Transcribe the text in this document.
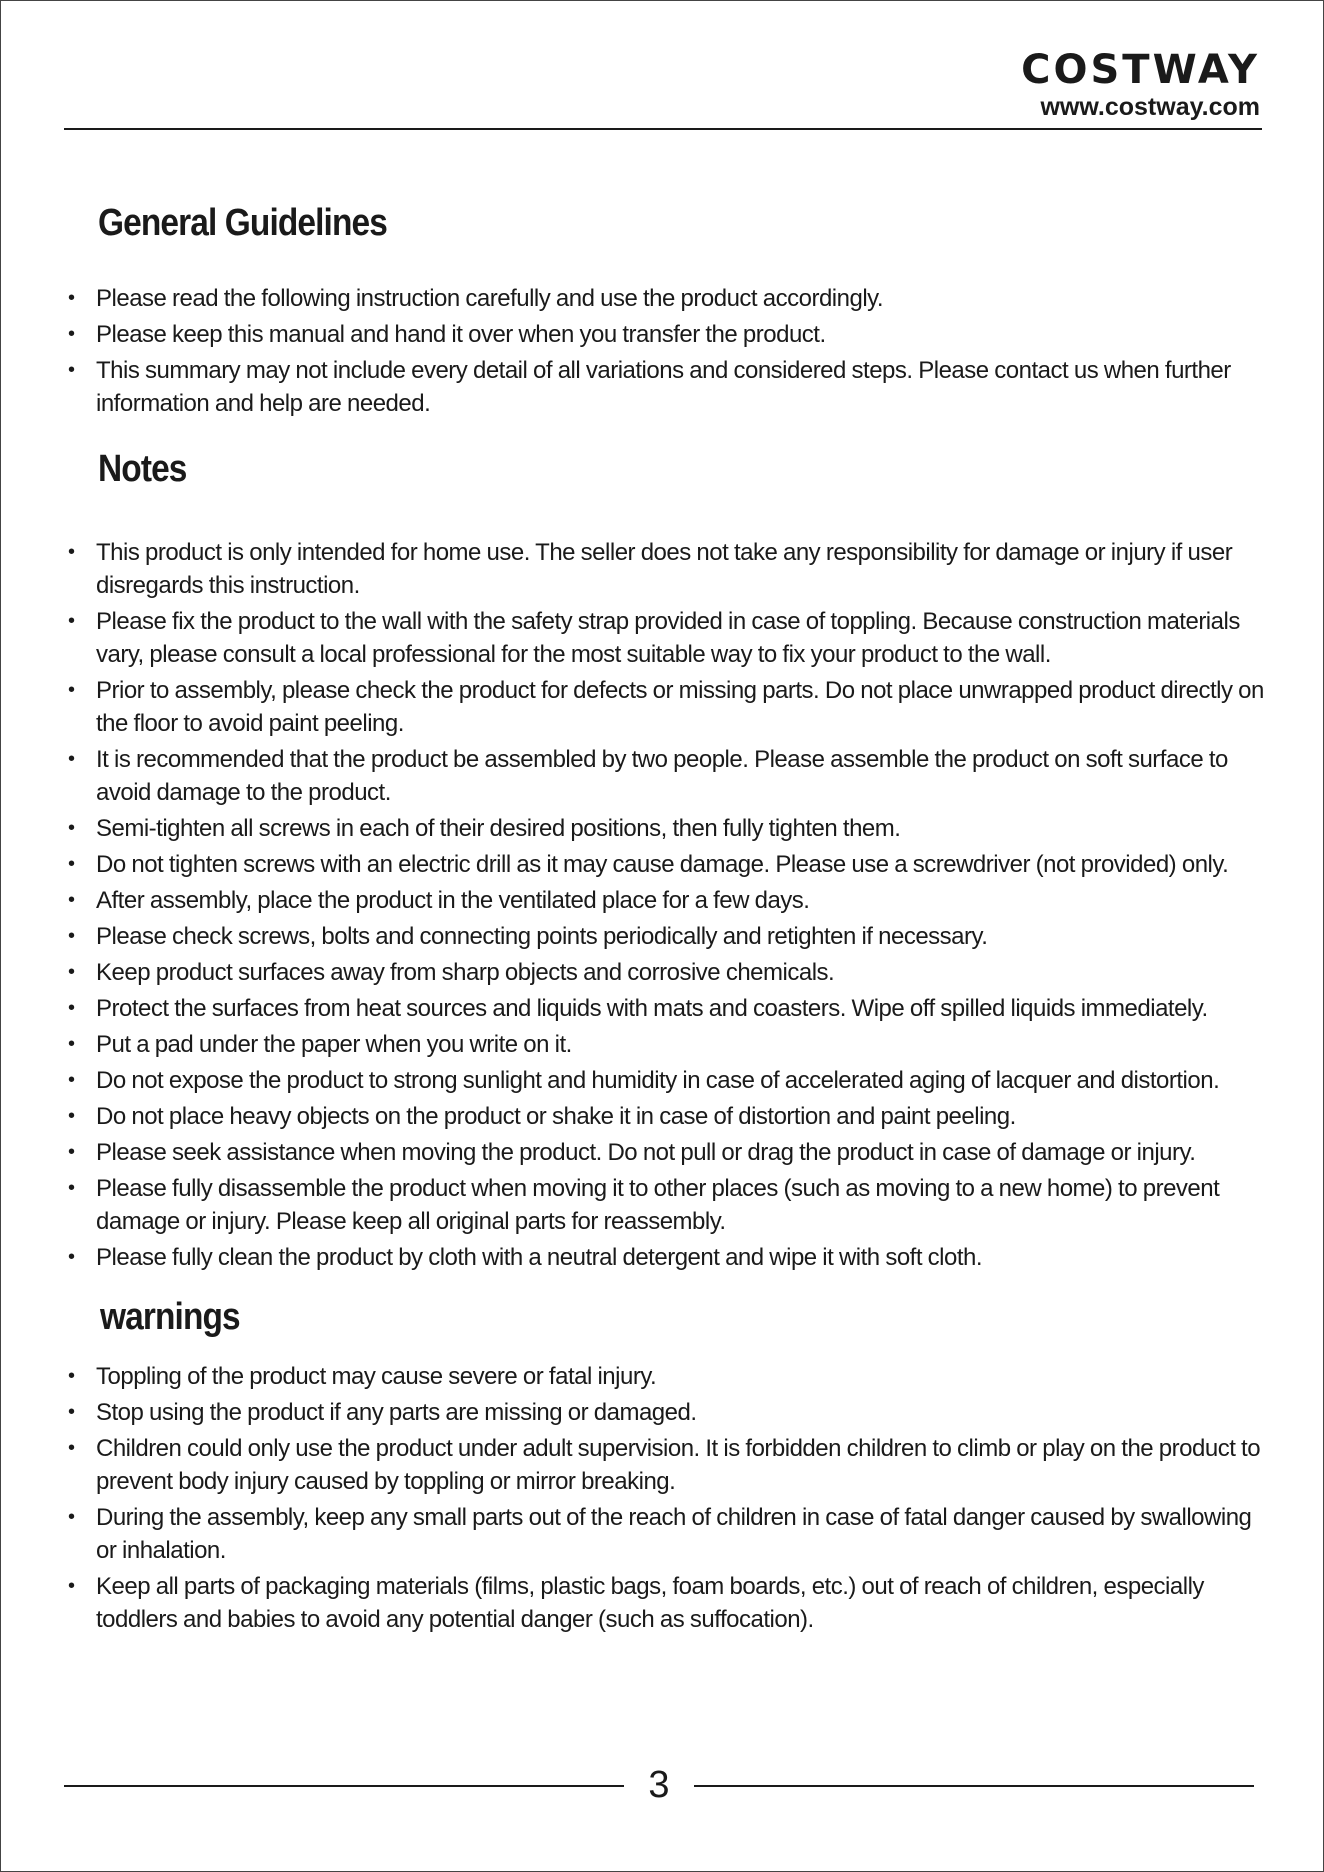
COSTWAY
www.costway.com
General Guidelines
• Please read the following instruction carefully and use the product accordingly.
• Please keep this manual and hand it over when you transfer the product.
• This summary may not include every detail of all variations and considered steps. Please contact us when further information and help are needed.
Notes
• This product is only intended for home use. The seller does not take any responsibility for damage or injury if user disregards this instruction.
• Please fix the product to the wall with the safety strap provided in case of toppling. Because construction materials vary, please consult a local professional for the most suitable way to fix your product to the wall.
• Prior to assembly, please check the product for defects or missing parts. Do not place unwrapped product directly on the floor to avoid paint peeling.
• It is recommended that the product be assembled by two people. Please assemble the product on soft surface to avoid damage to the product.
• Semi-tighten all screws in each of their desired positions, then fully tighten them.
• Do not tighten screws with an electric drill as it may cause damage. Please use a screwdriver (not provided) only.
• After assembly, place the product in the ventilated place for a few days.
• Please check screws, bolts and connecting points periodically and retighten if necessary.
• Keep product surfaces away from sharp objects and corrosive chemicals.
• Protect the surfaces from heat sources and liquids with mats and coasters. Wipe off spilled liquids immediately.
• Put a pad under the paper when you write on it.
• Do not expose the product to strong sunlight and humidity in case of accelerated aging of lacquer and distortion.
• Do not place heavy objects on the product or shake it in case of distortion and paint peeling.
• Please seek assistance when moving the product. Do not pull or drag the product in case of damage or injury.
• Please fully disassemble the product when moving it to other places (such as moving to a new home) to prevent damage or injury. Please keep all original parts for reassembly.
• Please fully clean the product by cloth with a neutral detergent and wipe it with soft cloth.
warnings
• Toppling of the product may cause severe or fatal injury.
• Stop using the product if any parts are missing or damaged.
• Children could only use the product under adult supervision. It is forbidden children to climb or play on the product to prevent body injury caused by toppling or mirror breaking.
• During the assembly, keep any small parts out of the reach of children in case of fatal danger caused by swallowing or inhalation.
• Keep all parts of packaging materials (films, plastic bags, foam boards, etc.) out of reach of children, especially toddlers and babies to avoid any potential danger (such as suffocation).
3
